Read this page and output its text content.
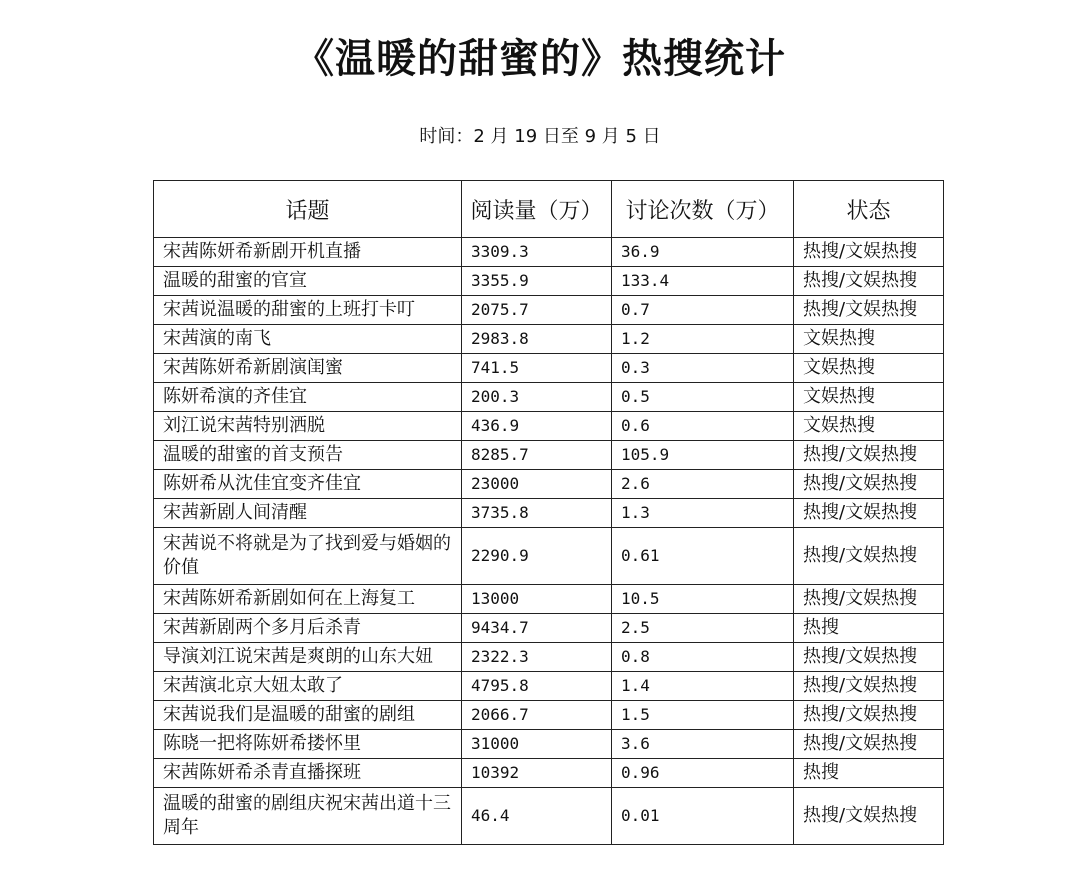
《温暖的甜蜜的》热搜统计
时间：2 月 19 日至 9 月 5 日
话题	阅读量（万）	讨论次数（万）	状态
宋茜陈妍希新剧开机直播	3309.3	36.9	热搜/文娱热搜
温暖的甜蜜的官宣	3355.9	133.4	热搜/文娱热搜
宋茜说温暖的甜蜜的上班打卡叮	2075.7	0.7	热搜/文娱热搜
宋茜演的南飞	2983.8	1.2	文娱热搜
宋茜陈妍希新剧演闺蜜	741.5	0.3	文娱热搜
陈妍希演的齐佳宜	200.3	0.5	文娱热搜
刘江说宋茜特别洒脱	436.9	0.6	文娱热搜
温暖的甜蜜的首支预告	8285.7	105.9	热搜/文娱热搜
陈妍希从沈佳宜变齐佳宜	23000	2.6	热搜/文娱热搜
宋茜新剧人间清醒	3735.8	1.3	热搜/文娱热搜
宋茜说不将就是为了找到爱与婚姻的价值	2290.9	0.61	热搜/文娱热搜
宋茜陈妍希新剧如何在上海复工	13000	10.5	热搜/文娱热搜
宋茜新剧两个多月后杀青	9434.7	2.5	热搜
导演刘江说宋茜是爽朗的山东大妞	2322.3	0.8	热搜/文娱热搜
宋茜演北京大妞太敢了	4795.8	1.4	热搜/文娱热搜
宋茜说我们是温暖的甜蜜的剧组	2066.7	1.5	热搜/文娱热搜
陈晓一把将陈妍希搂怀里	31000	3.6	热搜/文娱热搜
宋茜陈妍希杀青直播探班	10392	0.96	热搜
温暖的甜蜜的剧组庆祝宋茜出道十三周年	46.4	0.01	热搜/文娱热搜
